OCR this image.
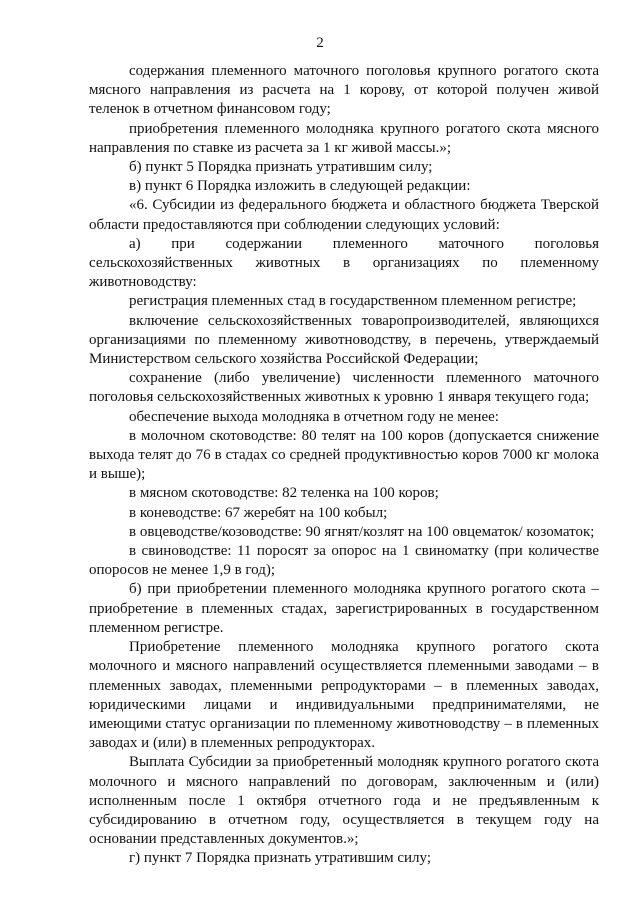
2

содержания племенного маточного поголовья крупного рогатого скота мясного направления из расчета на 1 корову, от которой получен живой теленок в отчетном финансовом году;

приобретения племенного молодняка крупного рогатого скота мясного направления по ставке из расчета за 1 кг живой массы.»;

б) пункт 5 Порядка признать утратившим силу;

в) пункт 6 Порядка изложить в следующей редакции:

«6. Субсидии из федерального бюджета и областного бюджета Тверской области предоставляются при соблюдении следующих условий:

а) при содержании племенного маточного поголовья сельскохозяйственных животных в организациях по племенному животноводству:

регистрация племенных стад в государственном племенном регистре;

включение сельскохозяйственных товаропроизводителей, являющихся организациями по племенному животноводству, в перечень, утверждаемый Министерством сельского хозяйства Российской Федерации;

сохранение (либо увеличение) численности племенного маточного поголовья сельскохозяйственных животных к уровню 1 января текущего года;

обеспечение выхода молодняка в отчетном году не менее:

в молочном скотоводстве: 80 телят на 100 коров (допускается снижение выхода телят до 76 в стадах со средней продуктивностью коров 7000 кг молока и выше);

в мясном скотоводстве: 82 теленка на 100 коров;

в коневодстве: 67 жеребят на 100 кобыл;

в овцеводстве/козоводстве: 90 ягнят/козлят на 100 овцематок/ козоматок;

в свиноводстве: 11 поросят за опорос на 1 свиноматку (при количестве опоросов не менее 1,9 в год);

б) при приобретении племенного молодняка крупного рогатого скота – приобретение в племенных стадах, зарегистрированных в государственном племенном регистре.

Приобретение племенного молодняка крупного рогатого скота молочного и мясного направлений осуществляется племенными заводами – в племенных заводах, племенными репродукторами – в племенных заводах, юридическими лицами и индивидуальными предпринимателями, не имеющими статус организации по племенному животноводству – в племенных заводах и (или) в племенных репродукторах.

Выплата Субсидии за приобретенный молодняк крупного рогатого скота молочного и мясного направлений по договорам, заключенным и (или) исполненным после 1 октября отчетного года и не предъявленным к субсидированию в отчетном году, осуществляется в текущем году на основании представленных документов.»;

г) пункт 7 Порядка признать утратившим силу;
